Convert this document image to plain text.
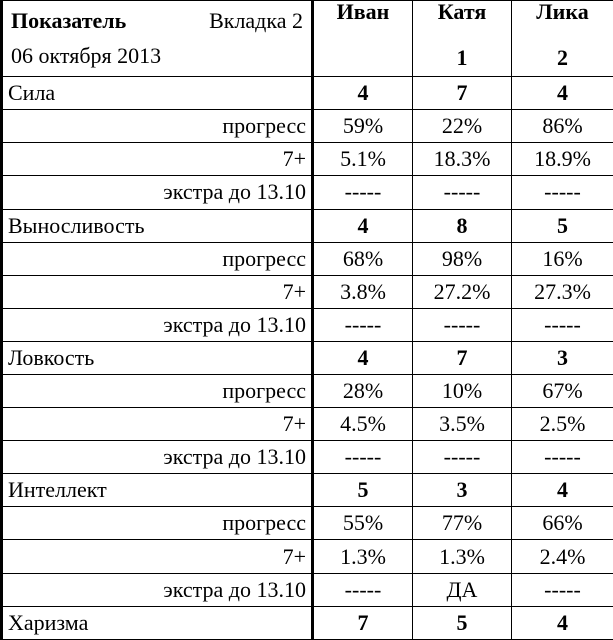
Показатель Вкладка 2
06 октября 2013	Иван	Катя	Лика
		1	2
Сила	4	7	4
прогресс	59%	22%	86%
7+	5.1%	18.3%	18.9%
экстра до 13.10	-----	-----	-----
Выносливость	4	8	5
прогресс	68%	98%	16%
7+	3.8%	27.2%	27.3%
экстра до 13.10	-----	-----	-----
Ловкость	4	7	3
прогресс	28%	10%	67%
7+	4.5%	3.5%	2.5%
экстра до 13.10	-----	-----	-----
Интеллект	5	3	4
прогресс	55%	77%	66%
7+	1.3%	1.3%	2.4%
экстра до 13.10	-----	ДА	-----
Харизма	7	5	4
